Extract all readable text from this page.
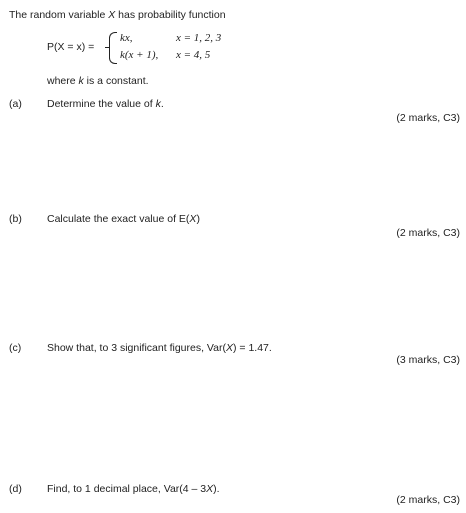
The random variable X has probability function
P(X = x) =
kx,	x = 1, 2, 3
k(x + 1), x = 4, 5
where k is a constant.
(a) Determine the value of k.
(2 marks, C3)
(b) Calculate the exact value of E(X)
(2 marks, C3)
(c) Show that, to 3 significant figures, Var(X) = 1.47.
(3 marks, C3)
(d) Find, to 1 decimal place, Var(4 – 3X).
(2 marks, C3)
